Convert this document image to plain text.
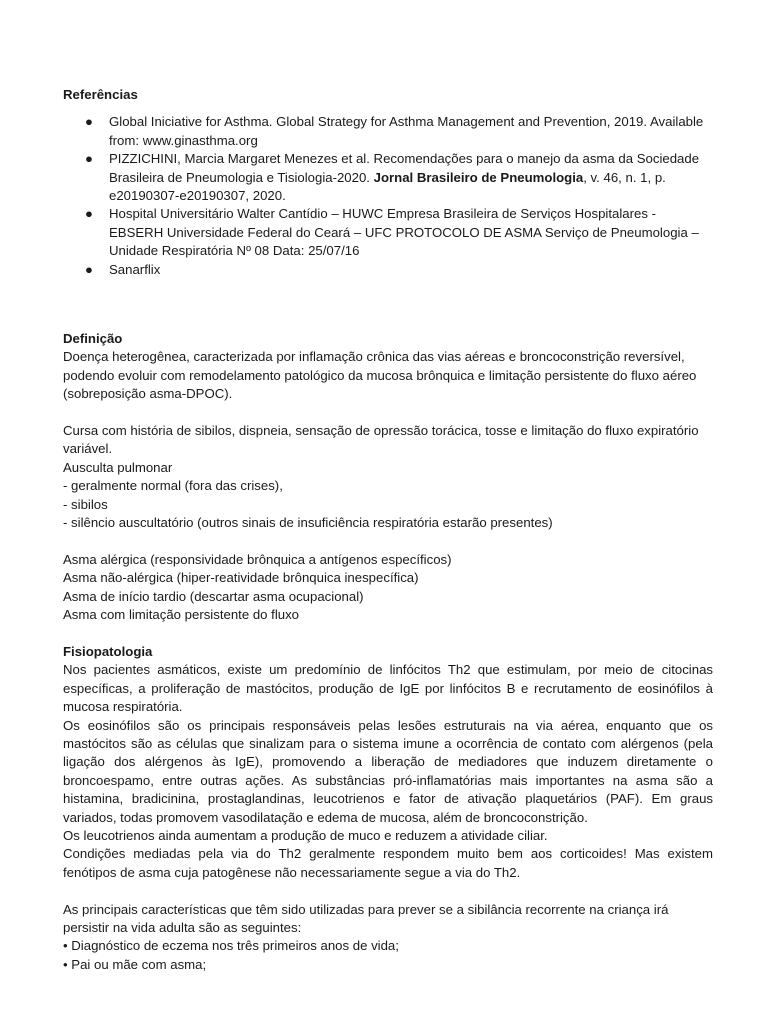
Referências
● Global Iniciative for Asthma. Global Strategy for Asthma Management and Prevention, 2019. Available from: www.ginasthma.org
● PIZZICHINI, Marcia Margaret Menezes et al. Recomendações para o manejo da asma da Sociedade Brasileira de Pneumologia e Tisiologia-2020. Jornal Brasileiro de Pneumologia, v. 46, n. 1, p. e20190307-e20190307, 2020.
● Hospital Universitário Walter Cantídio – HUWC Empresa Brasileira de Serviços Hospitalares - EBSERH Universidade Federal do Ceará – UFC PROTOCOLO DE ASMA Serviço de Pneumologia – Unidade Respiratória Nº 08 Data: 25/07/16
● Sanarflix
Definição

Doença heterogênea, caracterizada por inflamação crônica das vias aéreas e broncoconstrição reversível, podendo evoluir com remodelamento patológico da mucosa brônquica e limitação persistente do fluxo aéreo (sobreposição asma-DPOC).

Cursa com história de sibilos, dispneia, sensação de opressão torácica, tosse e limitação do fluxo expiratório variável.

Ausculta pulmonar

- geralmente normal (fora das crises),

- sibilos

- silêncio auscultatório (outros sinais de insuficiência respiratória estarão presentes)

Asma alérgica (responsividade brônquica a antígenos específicos)

Asma não-alérgica (hiper-reatividade brônquica inespecífica)

Asma de início tardio (descartar asma ocupacional)

Asma com limitação persistente do fluxo

Fisiopatologia

Nos pacientes asmáticos, existe um predomínio de linfócitos Th2 que estimulam, por meio de citocinas específicas, a proliferação de mastócitos, produção de IgE por linfócitos B e recrutamento de eosinófilos à mucosa respiratória.

Os eosinófilos são os principais responsáveis pelas lesões estruturais na via aérea, enquanto que os mastócitos são as células que sinalizam para o sistema imune a ocorrência de contato com alérgenos (pela ligação dos alérgenos às IgE), promovendo a liberação de mediadores que induzem diretamente o broncoespamo, entre outras ações. As substâncias pró-inflamatórias mais importantes na asma são a histamina, bradicinina, prostaglandinas, leucotrienos e fator de ativação plaquetários (PAF). Em graus variados, todas promovem vasodilatação e edema de mucosa, além de broncoconstrição.

Os leucotrienos ainda aumentam a produção de muco e reduzem a atividade ciliar.

Condições mediadas pela via do Th2 geralmente respondem muito bem aos corticoides! Mas existem fenótipos de asma cuja patogênese não necessariamente segue a via do Th2.

As principais características que têm sido utilizadas para prever se a sibilância recorrente na criança irá persistir na vida adulta são as seguintes:

• Diagnóstico de eczema nos três primeiros anos de vida;

• Pai ou mãe com asma;
